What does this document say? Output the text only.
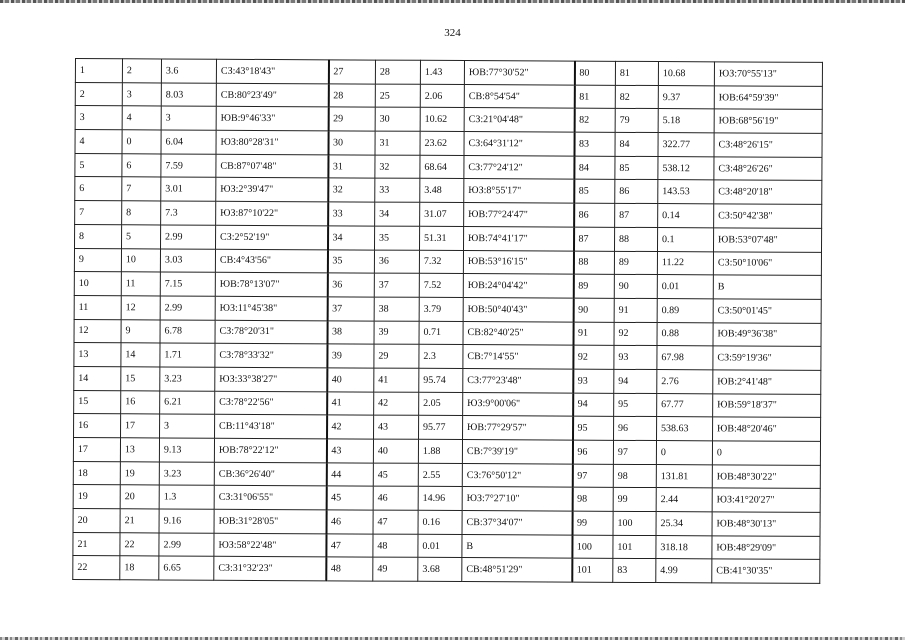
324
1	2	3.6	СЗ:43°18'43"	27	28	1.43	ЮВ:77°30'52"	80	81	10.68	ЮЗ:70°55'13"
2	3	8.03	СВ:80°23'49"	28	25	2.06	СВ:8°54'54"	81	82	9.37	ЮВ:64°59'39"
3	4	3	ЮВ:9°46'33"	29	30	10.62	СЗ:21°04'48"	82	79	5.18	ЮВ:68°56'19"
4	0	6.04	ЮЗ:80°28'31"	30	31	23.62	СЗ:64°31'12"	83	84	322.77	СЗ:48°26'15"
5	6	7.59	СВ:87°07'48"	31	32	68.64	СЗ:77°24'12"	84	85	538.12	СЗ:48°26'26"
6	7	3.01	ЮЗ:2°39'47"	32	33	3.48	ЮЗ:8°55'17"	85	86	143.53	СЗ:48°20'18"
7	8	7.3	ЮЗ:87°10'22"	33	34	31.07	ЮВ:77°24'47"	86	87	0.14	СЗ:50°42'38"
8	5	2.99	СЗ:2°52'19"	34	35	51.31	ЮВ:74°41'17"	87	88	0.1	ЮВ:53°07'48"
9	10	3.03	СВ:4°43'56"	35	36	7.32	ЮВ:53°16'15"	88	89	11.22	СЗ:50°10'06"
10	11	7.15	ЮВ:78°13'07"	36	37	7.52	ЮВ:24°04'42"	89	90	0.01	В
11	12	2.99	ЮЗ:11°45'38"	37	38	3.79	ЮВ:50°40'43"	90	91	0.89	СЗ:50°01'45"
12	9	6.78	СЗ:78°20'31"	38	39	0.71	СВ:82°40'25"	91	92	0.88	ЮВ:49°36'38"
13	14	1.71	СЗ:78°33'32"	39	29	2.3	СВ:7°14'55"	92	93	67.98	СЗ:59°19'36"
14	15	3.23	ЮЗ:33°38'27"	40	41	95.74	СЗ:77°23'48"	93	94	2.76	ЮВ:2°41'48"
15	16	6.21	СЗ:78°22'56"	41	42	2.05	ЮЗ:9°00'06"	94	95	67.77	ЮВ:59°18'37"
16	17	3	СВ:11°43'18"	42	43	95.77	ЮВ:77°29'57"	95	96	538.63	ЮВ:48°20'46"
17	13	9.13	ЮВ:78°22'12"	43	40	1.88	СВ:7°39'19"	96	97	0	0
18	19	3.23	СВ:36°26'40"	44	45	2.55	СЗ:76°50'12"	97	98	131.81	ЮВ:48°30'22"
19	20	1.3	СЗ:31°06'55"	45	46	14.96	ЮЗ:7°27'10"	98	99	2.44	ЮЗ:41°20'27"
20	21	9.16	ЮВ:31°28'05"	46	47	0.16	СВ:37°34'07"	99	100	25.34	ЮВ:48°30'13"
21	22	2.99	ЮЗ:58°22'48"	47	48	0.01	В	100	101	318.18	ЮВ:48°29'09"
22	18	6.65	СЗ:31°32'23"	48	49	3.68	СВ:48°51'29"	101	83	4.99	СВ:41°30'35"
